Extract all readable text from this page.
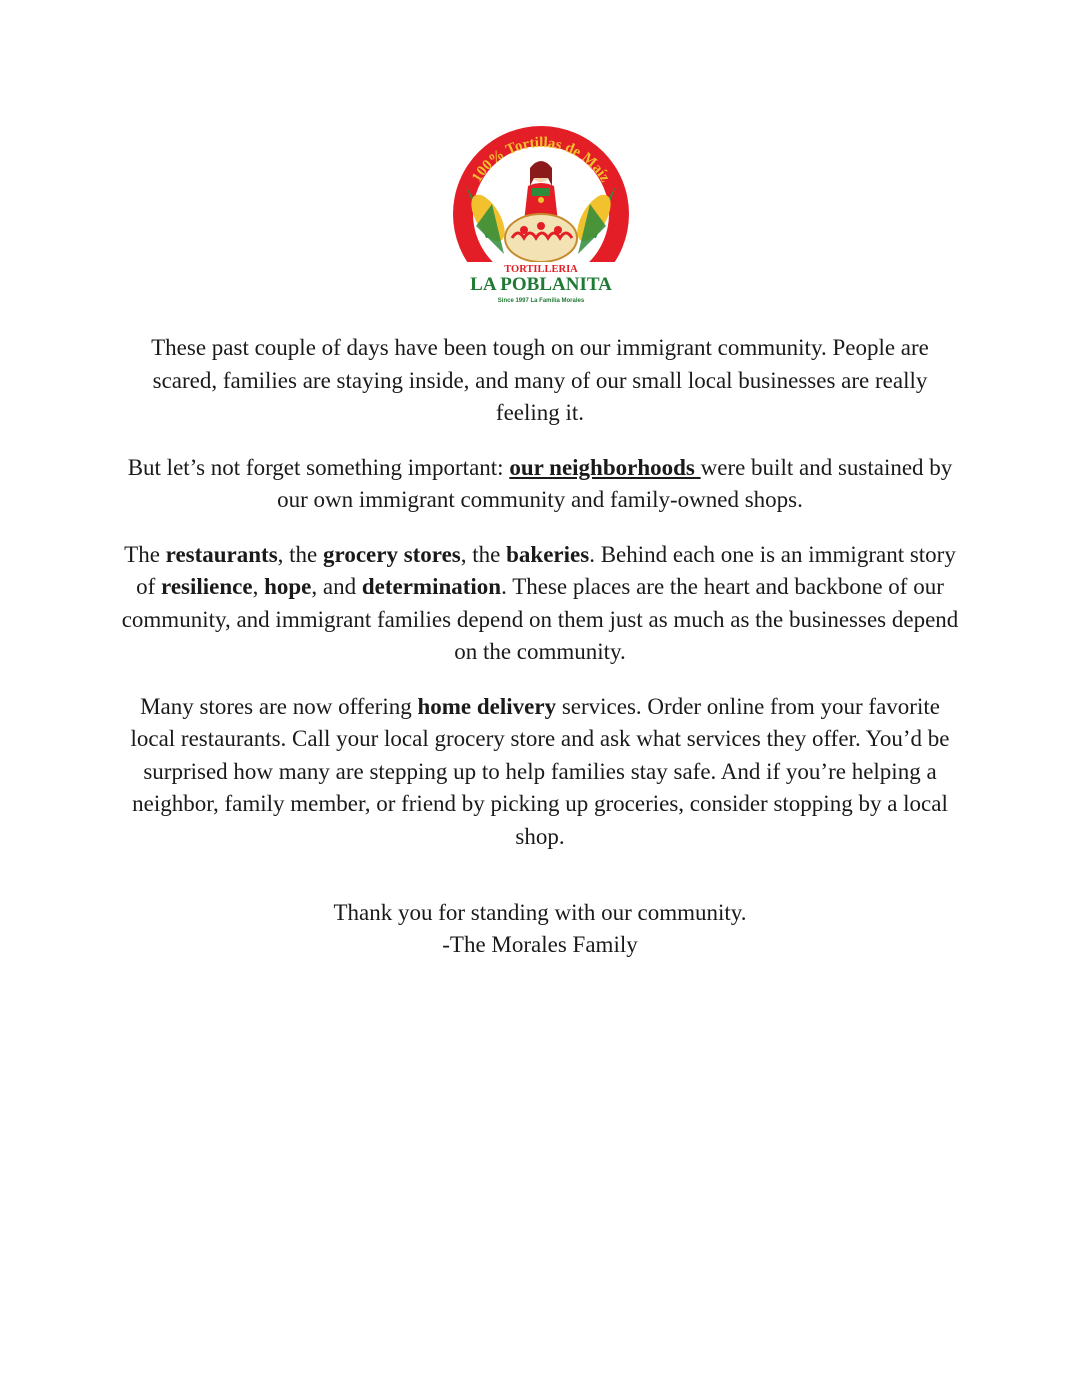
100% Tortillas de Maíz
TORTILLERIA
LA POBLANITA
Since 1997 La Familia Morales

These past couple of days have been tough on our immigrant community. People are scared, families are staying inside, and many of our small local businesses are really feeling it.

But let’s not forget something important: our neighborhoods were built and sustained by our own immigrant community and family-owned shops.

The restaurants, the grocery stores, the bakeries. Behind each one is an immigrant story of resilience, hope, and determination. These places are the heart and backbone of our community, and immigrant families depend on them just as much as the businesses depend on the community.

Many stores are now offering home delivery services. Order online from your favorite local restaurants. Call your local grocery store and ask what services they offer. You’d be surprised how many are stepping up to help families stay safe. And if you’re helping a neighbor, family member, or friend by picking up groceries, consider stopping by a local shop.

Thank you for standing with our community.
-The Morales Family
